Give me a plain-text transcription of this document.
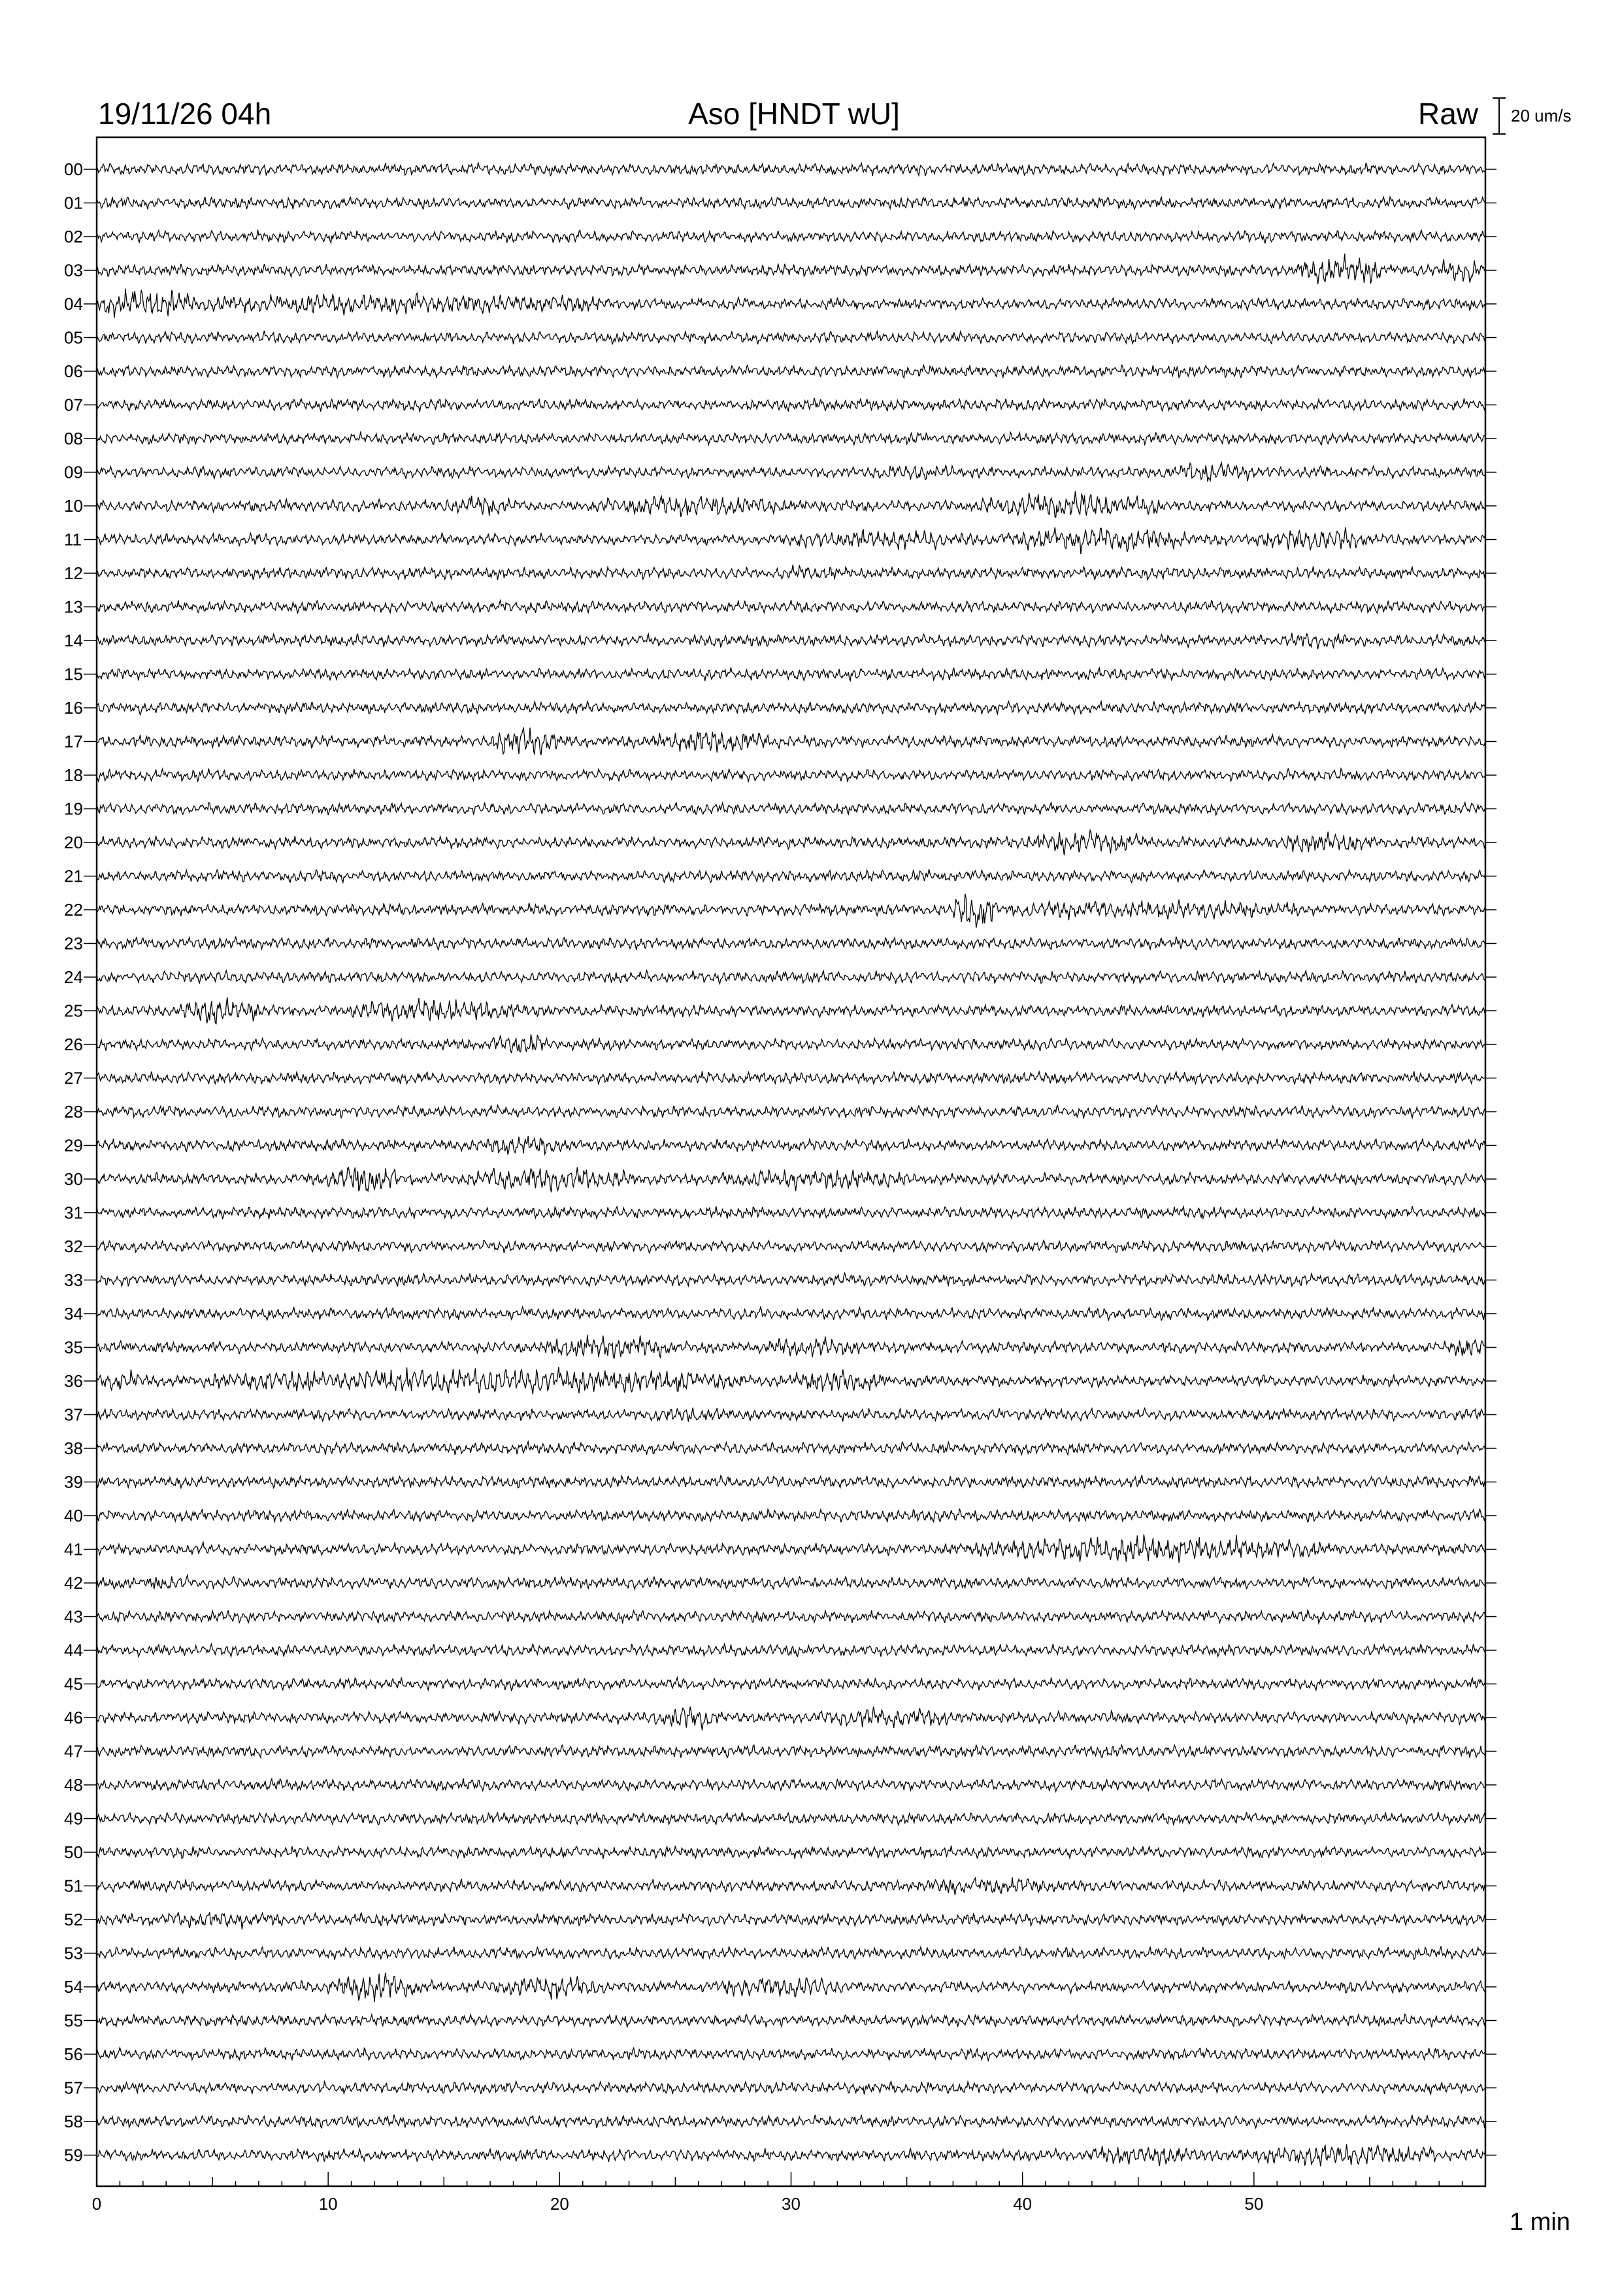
19/11/26 04h	Aso [HNDT wU]	Raw 20 um/s
00
01
02
03
04
05
06
07
08
09
10
11
12
13
14
15
16
17
18
19
20
21
22
23
24
25
26
27
28
29
30
31
32
33
34
35
36
37
38
39
40
41
42
43
44
45
46
47
48
49
50
51
52
53
54
55
56
57
58
59
0	10	20	30	40	50
1 min
